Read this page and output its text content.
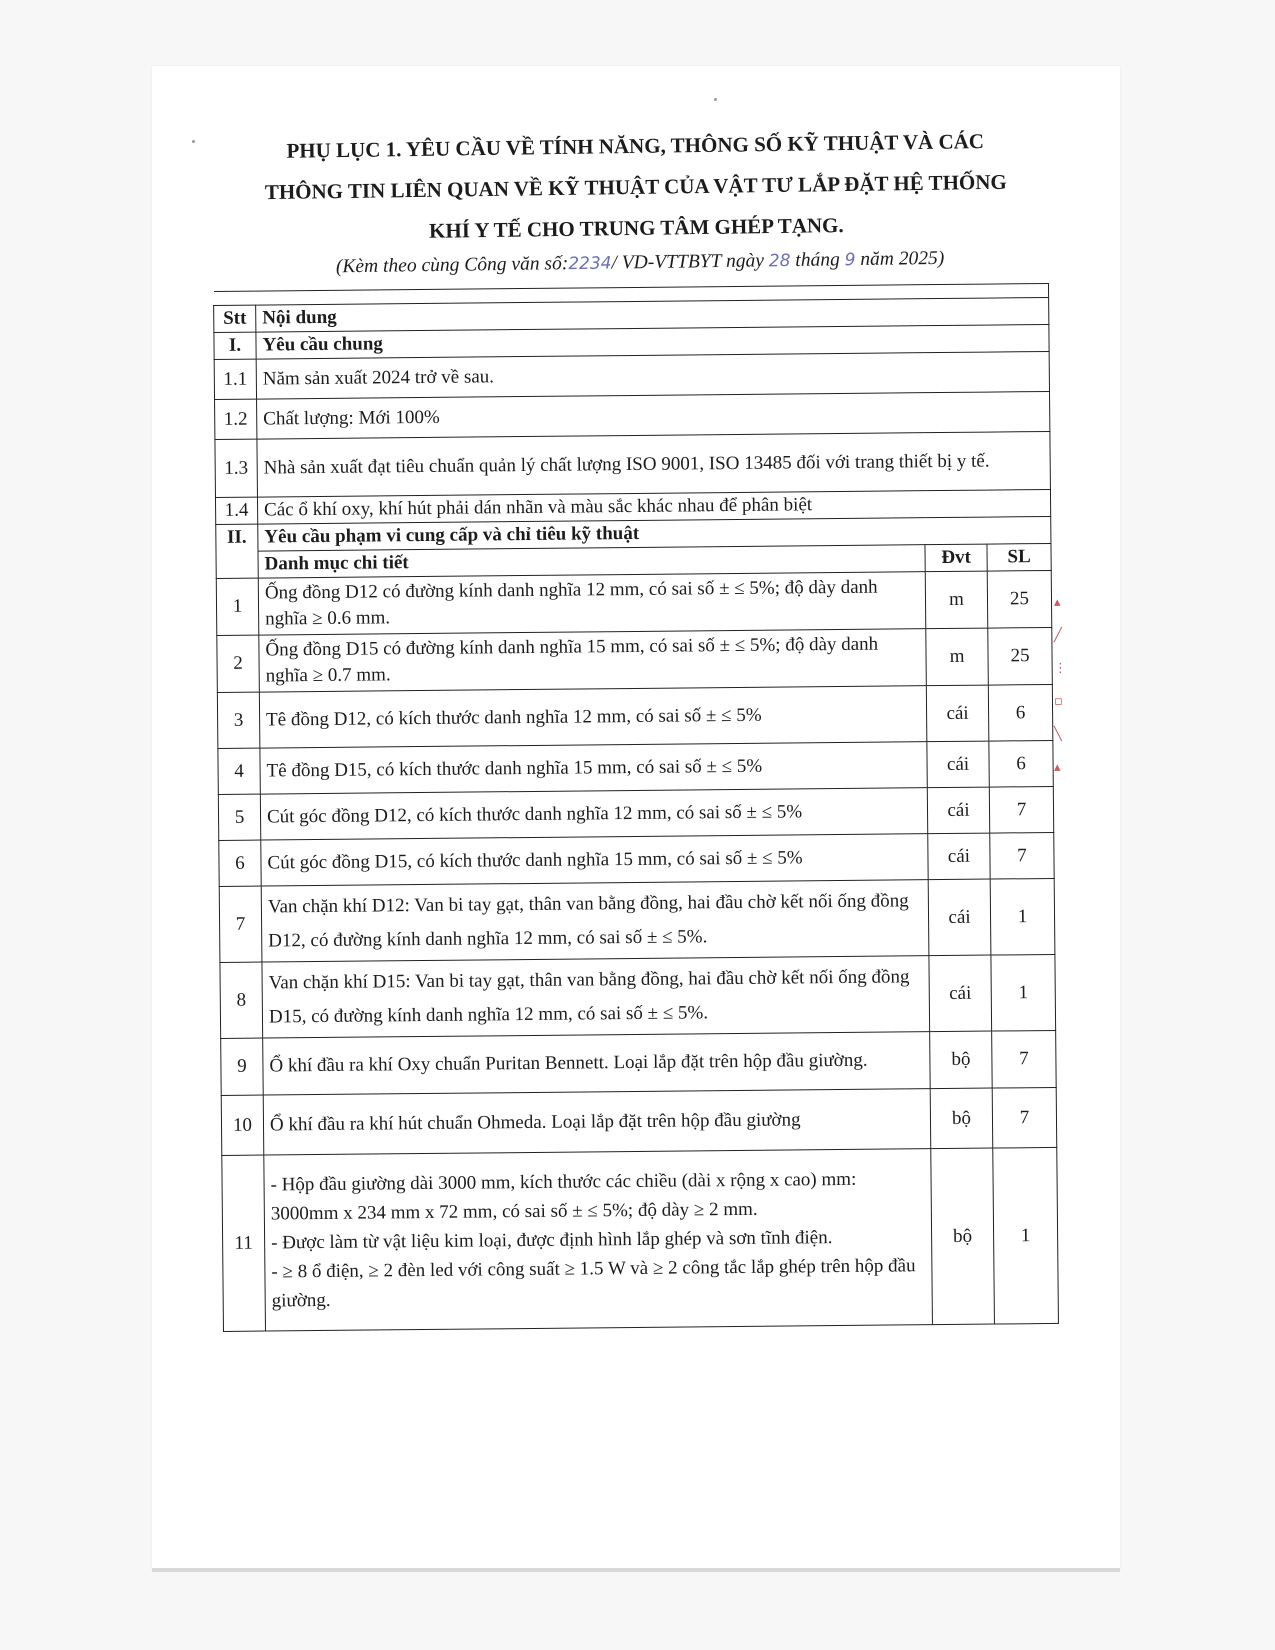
PHỤ LỤC 1. YÊU CẦU VỀ TÍNH NĂNG, THÔNG SỐ KỸ THUẬT VÀ CÁC
THÔNG TIN LIÊN QUAN VỀ KỸ THUẬT CỦA VẬT TƯ LẮP ĐẶT HỆ THỐNG
KHÍ Y TẾ CHO TRUNG TÂM GHÉP TẠNG.
(Kèm theo cùng Công văn số:2234/ VD-VTTBYT ngày 28 tháng 9 năm 2025)

Stt	Nội dung		
I.	Yêu cầu chung		
1.1	Năm sản xuất 2024 trở về sau.		
1.2	Chất lượng: Mới 100%		
1.3	Nhà sản xuất đạt tiêu chuẩn quản lý chất lượng ISO 9001, ISO 13485 đối với trang thiết bị y tế.		
1.4	Các ổ khí oxy, khí hút phải dán nhãn và màu sắc khác nhau để phân biệt		
II.	Yêu cầu phạm vi cung cấp và chỉ tiêu kỹ thuật		
	Danh mục chi tiết	Đvt	SL
1	Ống đồng D12 có đường kính danh nghĩa 12 mm, có sai số ± ≤ 5%; độ dày danh nghĩa ≥ 0.6 mm.	m	25
2	Ống đồng D15 có đường kính danh nghĩa 15 mm, có sai số ± ≤ 5%; độ dày danh nghĩa ≥ 0.7 mm.	m	25
3	Tê đồng D12, có kích thước danh nghĩa 12 mm, có sai số ± ≤ 5%	cái	6
4	Tê đồng D15, có kích thước danh nghĩa 15 mm, có sai số ± ≤ 5%	cái	6
5	Cút góc đồng D12, có kích thước danh nghĩa 12 mm, có sai số ± ≤ 5%	cái	7
6	Cút góc đồng D15, có kích thước danh nghĩa 15 mm, có sai số ± ≤ 5%	cái	7
7	Van chặn khí D12: Van bi tay gạt, thân van bằng đồng, hai đầu chờ kết nối ống đồng D12, có đường kính danh nghĩa 12 mm, có sai số ± ≤ 5%.	cái	1
8	Van chặn khí D15: Van bi tay gạt, thân van bằng đồng, hai đầu chờ kết nối ống đồng D15, có đường kính danh nghĩa 12 mm, có sai số ± ≤ 5%.	cái	1
9	Ổ khí đầu ra khí Oxy chuẩn Puritan Bennett. Loại lắp đặt trên hộp đầu giường.	bộ	7
10	Ổ khí đầu ra khí hút chuẩn Ohmeda. Loại lắp đặt trên hộp đầu giường	bộ	7
11	- Hộp đầu giường dài 3000 mm, kích thước các chiều (dài x rộng x cao) mm: 3000mm x 234 mm x 72 mm, có sai số ± ≤ 5%; độ dày ≥ 2 mm.
- Được làm từ vật liệu kim loại, được định hình lắp ghép và sơn tĩnh điện.
- ≥ 8 ổ điện, ≥ 2 đèn led với công suất ≥ 1.5 W và ≥ 2 công tắc lắp ghép trên hộp đầu giường.	bộ	1
▴
╱
⋮
▫
╲
▴
